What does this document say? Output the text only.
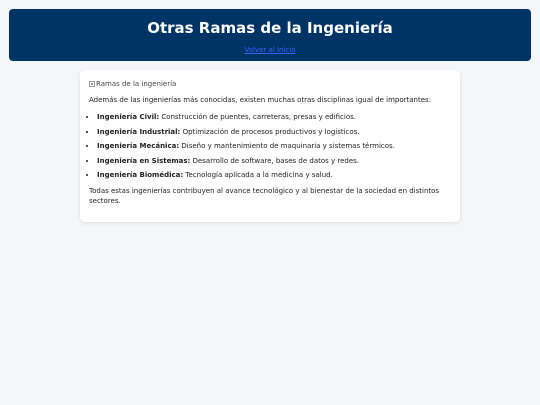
Otras Ramas de la Ingeniería
Volver al inicio
Ramas de la ingeniería

Además de las ingenierías más conocidas, existen muchas otras disciplinas igual de importantes:

• Ingeniería Civil: Construcción de puentes, carreteras, presas y edificios.
• Ingeniería Industrial: Optimización de procesos productivos y logísticos.
• Ingeniería Mecánica: Diseño y mantenimiento de maquinaria y sistemas térmicos.
• Ingeniería en Sistemas: Desarrollo de software, bases de datos y redes.
• Ingeniería Biomédica: Tecnología aplicada a la medicina y salud.

Todas estas ingenierías contribuyen al avance tecnológico y al bienestar de la sociedad en distintos sectores.
